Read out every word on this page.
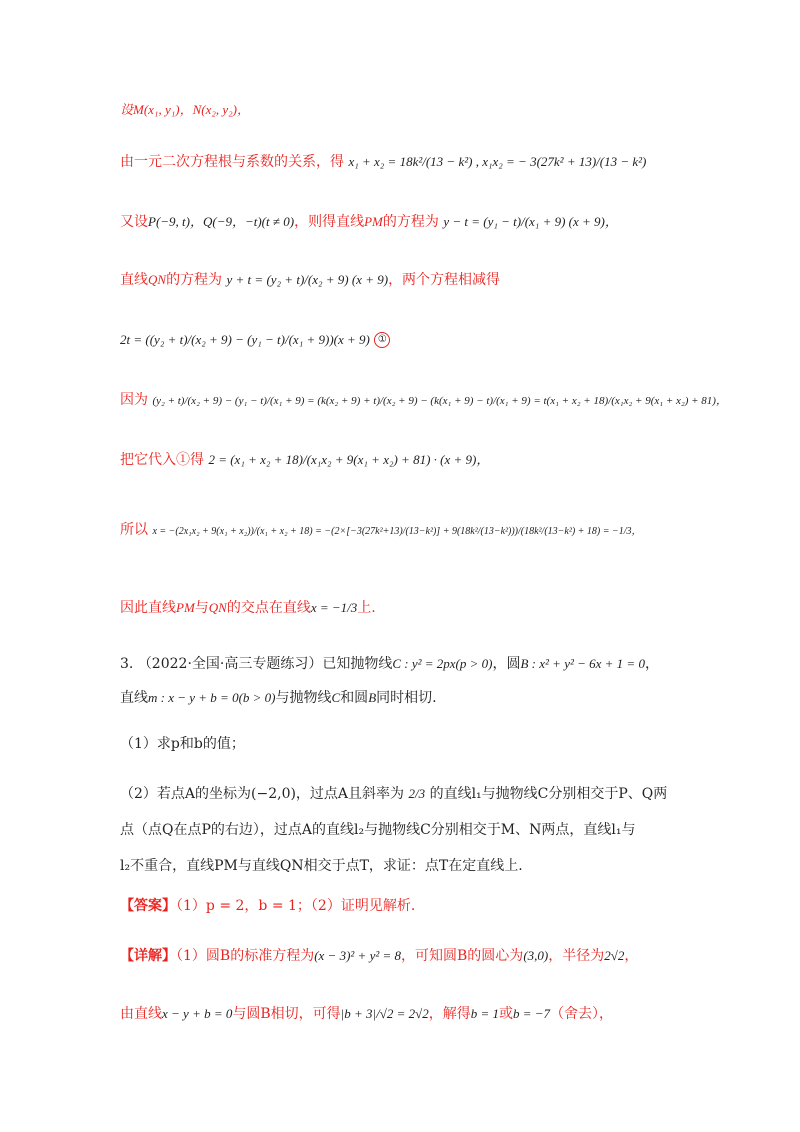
设M(x₁, y₁)，N(x₂, y₂)，
由一元二次方程根与系数的关系，得 x₁ + x₂ = 18k²/(13 − k²) , x₁x₂ = − 3(27k² + 13)/(13 − k²)
又设P(−9, t)，Q(−9，−t)(t ≠ 0)，则得直线PM的方程为 y − t = (y₁ − t)/(x₁ + 9) (x + 9)，
直线QN的方程为 y + t = (y₂ + t)/(x₂ + 9) (x + 9)，两个方程相减得
2t = ((y₂ + t)/(x₂ + 9) − (y₁ − t)/(x₁ + 9))(x + 9) ①
因为 (y₂ + t)/(x₂ + 9) − (y₁ − t)/(x₁ + 9) = (k(x₂ + 9) + t)/(x₂ + 9) − (k(x₁ + 9) − t)/(x₁ + 9) = t(x₁ + x₂ + 18)/(x₁x₂ + 9(x₁ + x₂) + 81)，
把它代入①得 2 = (x₁ + x₂ + 18)/(x₁x₂ + 9(x₁ + x₂) + 81) · (x + 9)，
所以 x = −(2x₁x₂ + 9(x₁ + x₂))/(x₁ + x₂ + 18) = −(2×[−3(27k²+13)/(13−k²)] + 9(18k²/(13−k²)))/(18k²/(13−k²) + 18) = −1/3，
因此直线PM与QN的交点在直线x = −1/3上.
3. （2022·全国·高三专题练习）已知抛物线C : y² = 2px(p > 0)，圆B : x² + y² − 6x + 1 = 0，
直线m : x − y + b = 0(b > 0)与抛物线C和圆B同时相切.
（1）求p和b的值；
（2）若点A的坐标为(−2,0)，过点A且斜率为 2/3 的直线l₁与抛物线C分别相交于P、Q两
点（点Q在点P的右边），过点A的直线l₂与抛物线C分别相交于M、N两点，直线l₁与
l₂不重合，直线PM与直线QN相交于点T，求证：点T在定直线上.
【答案】（1）p = 2，b = 1；（2）证明见解析.
【详解】（1）圆B的标准方程为(x − 3)² + y² = 8，可知圆B的圆心为(3,0)，半径为2√2，
由直线x − y + b = 0与圆B相切，可得|b + 3|/√2 = 2√2，解得b = 1或b = −7（舍去），
